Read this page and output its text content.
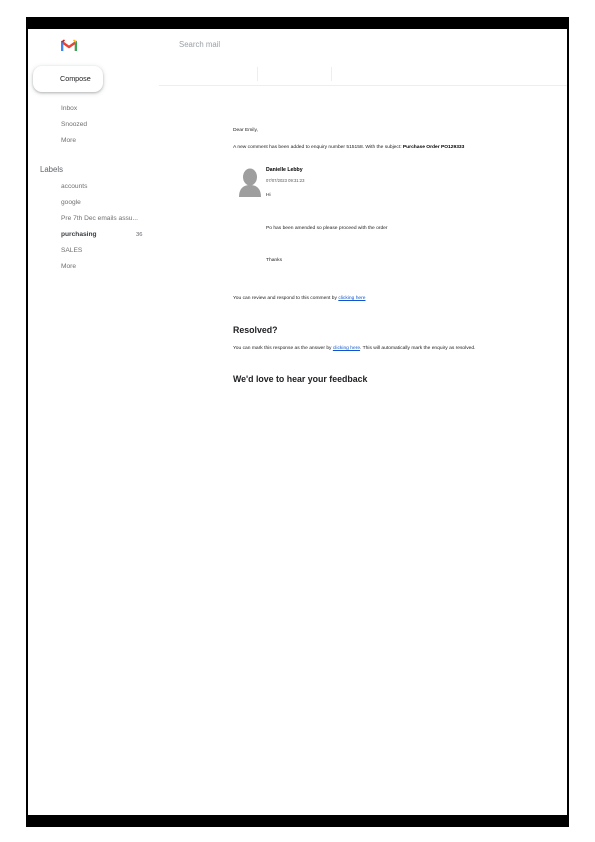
Search mail
Compose
Inbox
Snoozed
More
Labels
accounts
google
Pre 7th Dec emails assu...
purchasing	36
SALES
More
Dear Emily,
A new comment has been added to enquiry number 515158. With the subject: Purchase Order PO129333
Danielle Lebby
07/07/2023 09:31:23
Hi
Po has been amended so please proceed with the order
Thanks
You can review and respond to this comment by clicking here
Resolved?
You can mark this response as the answer by clicking here. This will automatically mark the enquiry as resolved.
We'd love to hear your feedback
